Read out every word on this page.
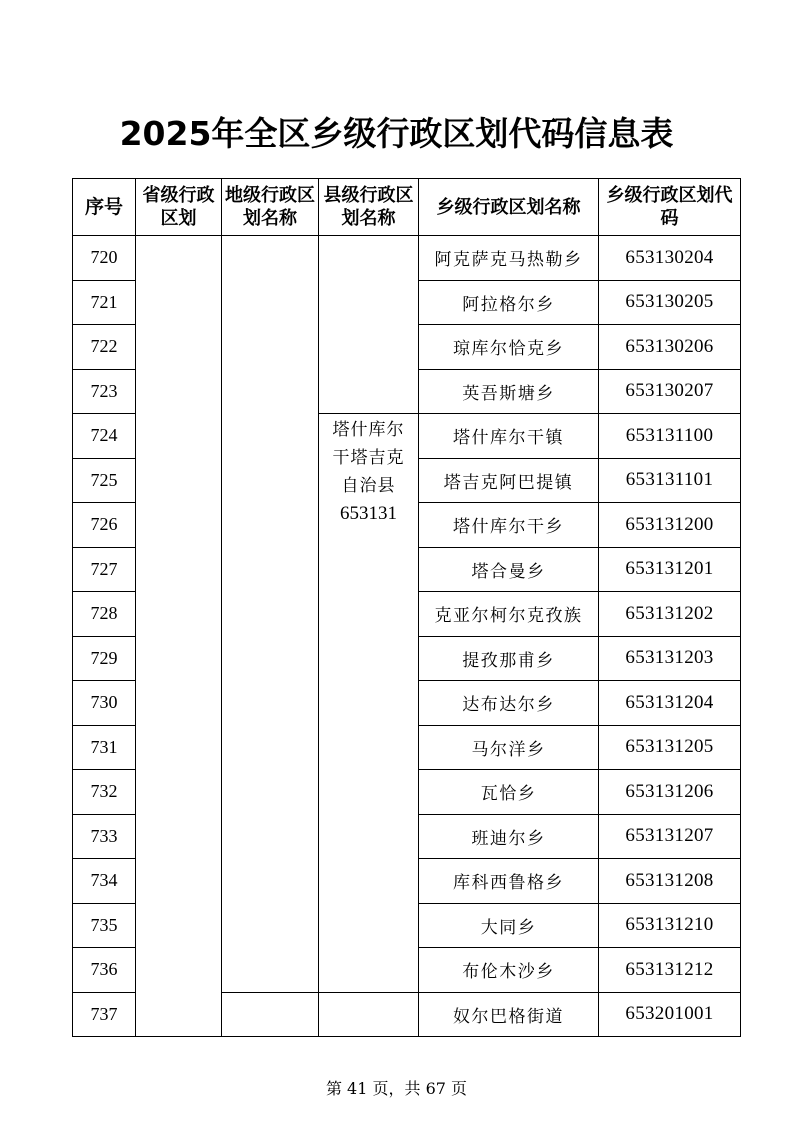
2025年全区乡级行政区划代码信息表
序号	省级行政区划	地级行政区划名称	县级行政区划名称	乡级行政区划名称	乡级行政区划代码
720				阿克萨克马热勒乡	653130204
721				阿拉格尔乡	653130205
722				琼库尔恰克乡	653130206
723				英吾斯塘乡	653130207
724			塔什库尔
干塔吉克
自治县
653131	塔什库尔干镇	653131100
725				塔吉克阿巴提镇	653131101
726				塔什库尔干乡	653131200
727				塔合曼乡	653131201
728				克亚尔柯尔克孜族	653131202
729				提孜那甫乡	653131203
730				达布达尔乡	653131204
731				马尔洋乡	653131205
732				瓦恰乡	653131206
733				班迪尔乡	653131207
734				库科西鲁格乡	653131208
735				大同乡	653131210
736				布伦木沙乡	653131212
737				奴尔巴格街道	653201001
第 41 页，共 67 页
